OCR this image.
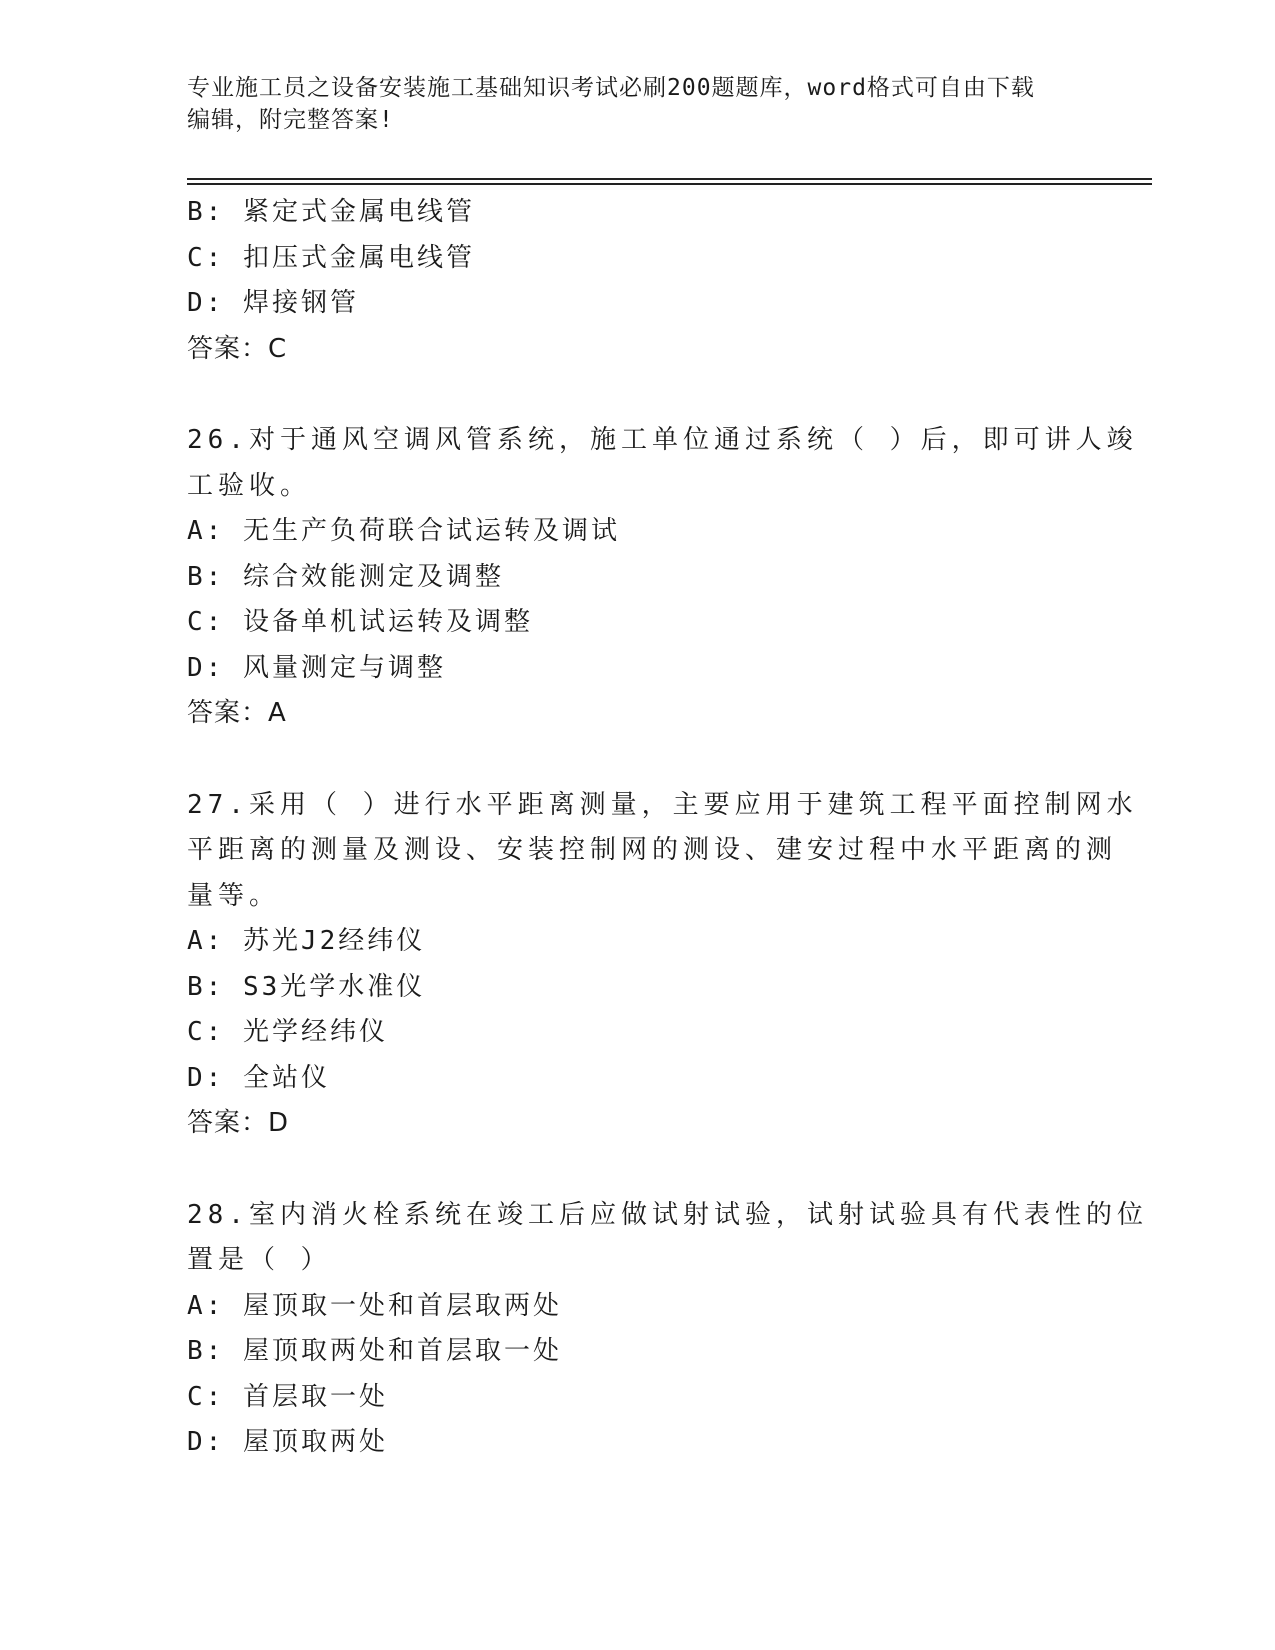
专业施工员之设备安装施工基础知识考试必刷200题题库，word格式可自由下载
编辑，附完整答案!
B: 紧定式金属电线管
C: 扣压式金属电线管
D: 焊接钢管
答案：C
26.对于通风空调风管系统，施工单位通过系统（ ）后，即可讲人竣
工验收。
A: 无生产负荷联合试运转及调试
B: 综合效能测定及调整
C: 设备单机试运转及调整
D: 风量测定与调整
答案：A
27.采用（ ）进行水平距离测量，主要应用于建筑工程平面控制网水
平距离的测量及测设、安装控制网的测设、建安过程中水平距离的测
量等。
A: 苏光J2经纬仪
B: S3光学水准仪
C: 光学经纬仪
D: 全站仪
答案：D
28.室内消火栓系统在竣工后应做试射试验，试射试验具有代表性的位
置是（ ）
A: 屋顶取一处和首层取两处
B: 屋顶取两处和首层取一处
C: 首层取一处
D: 屋顶取两处
